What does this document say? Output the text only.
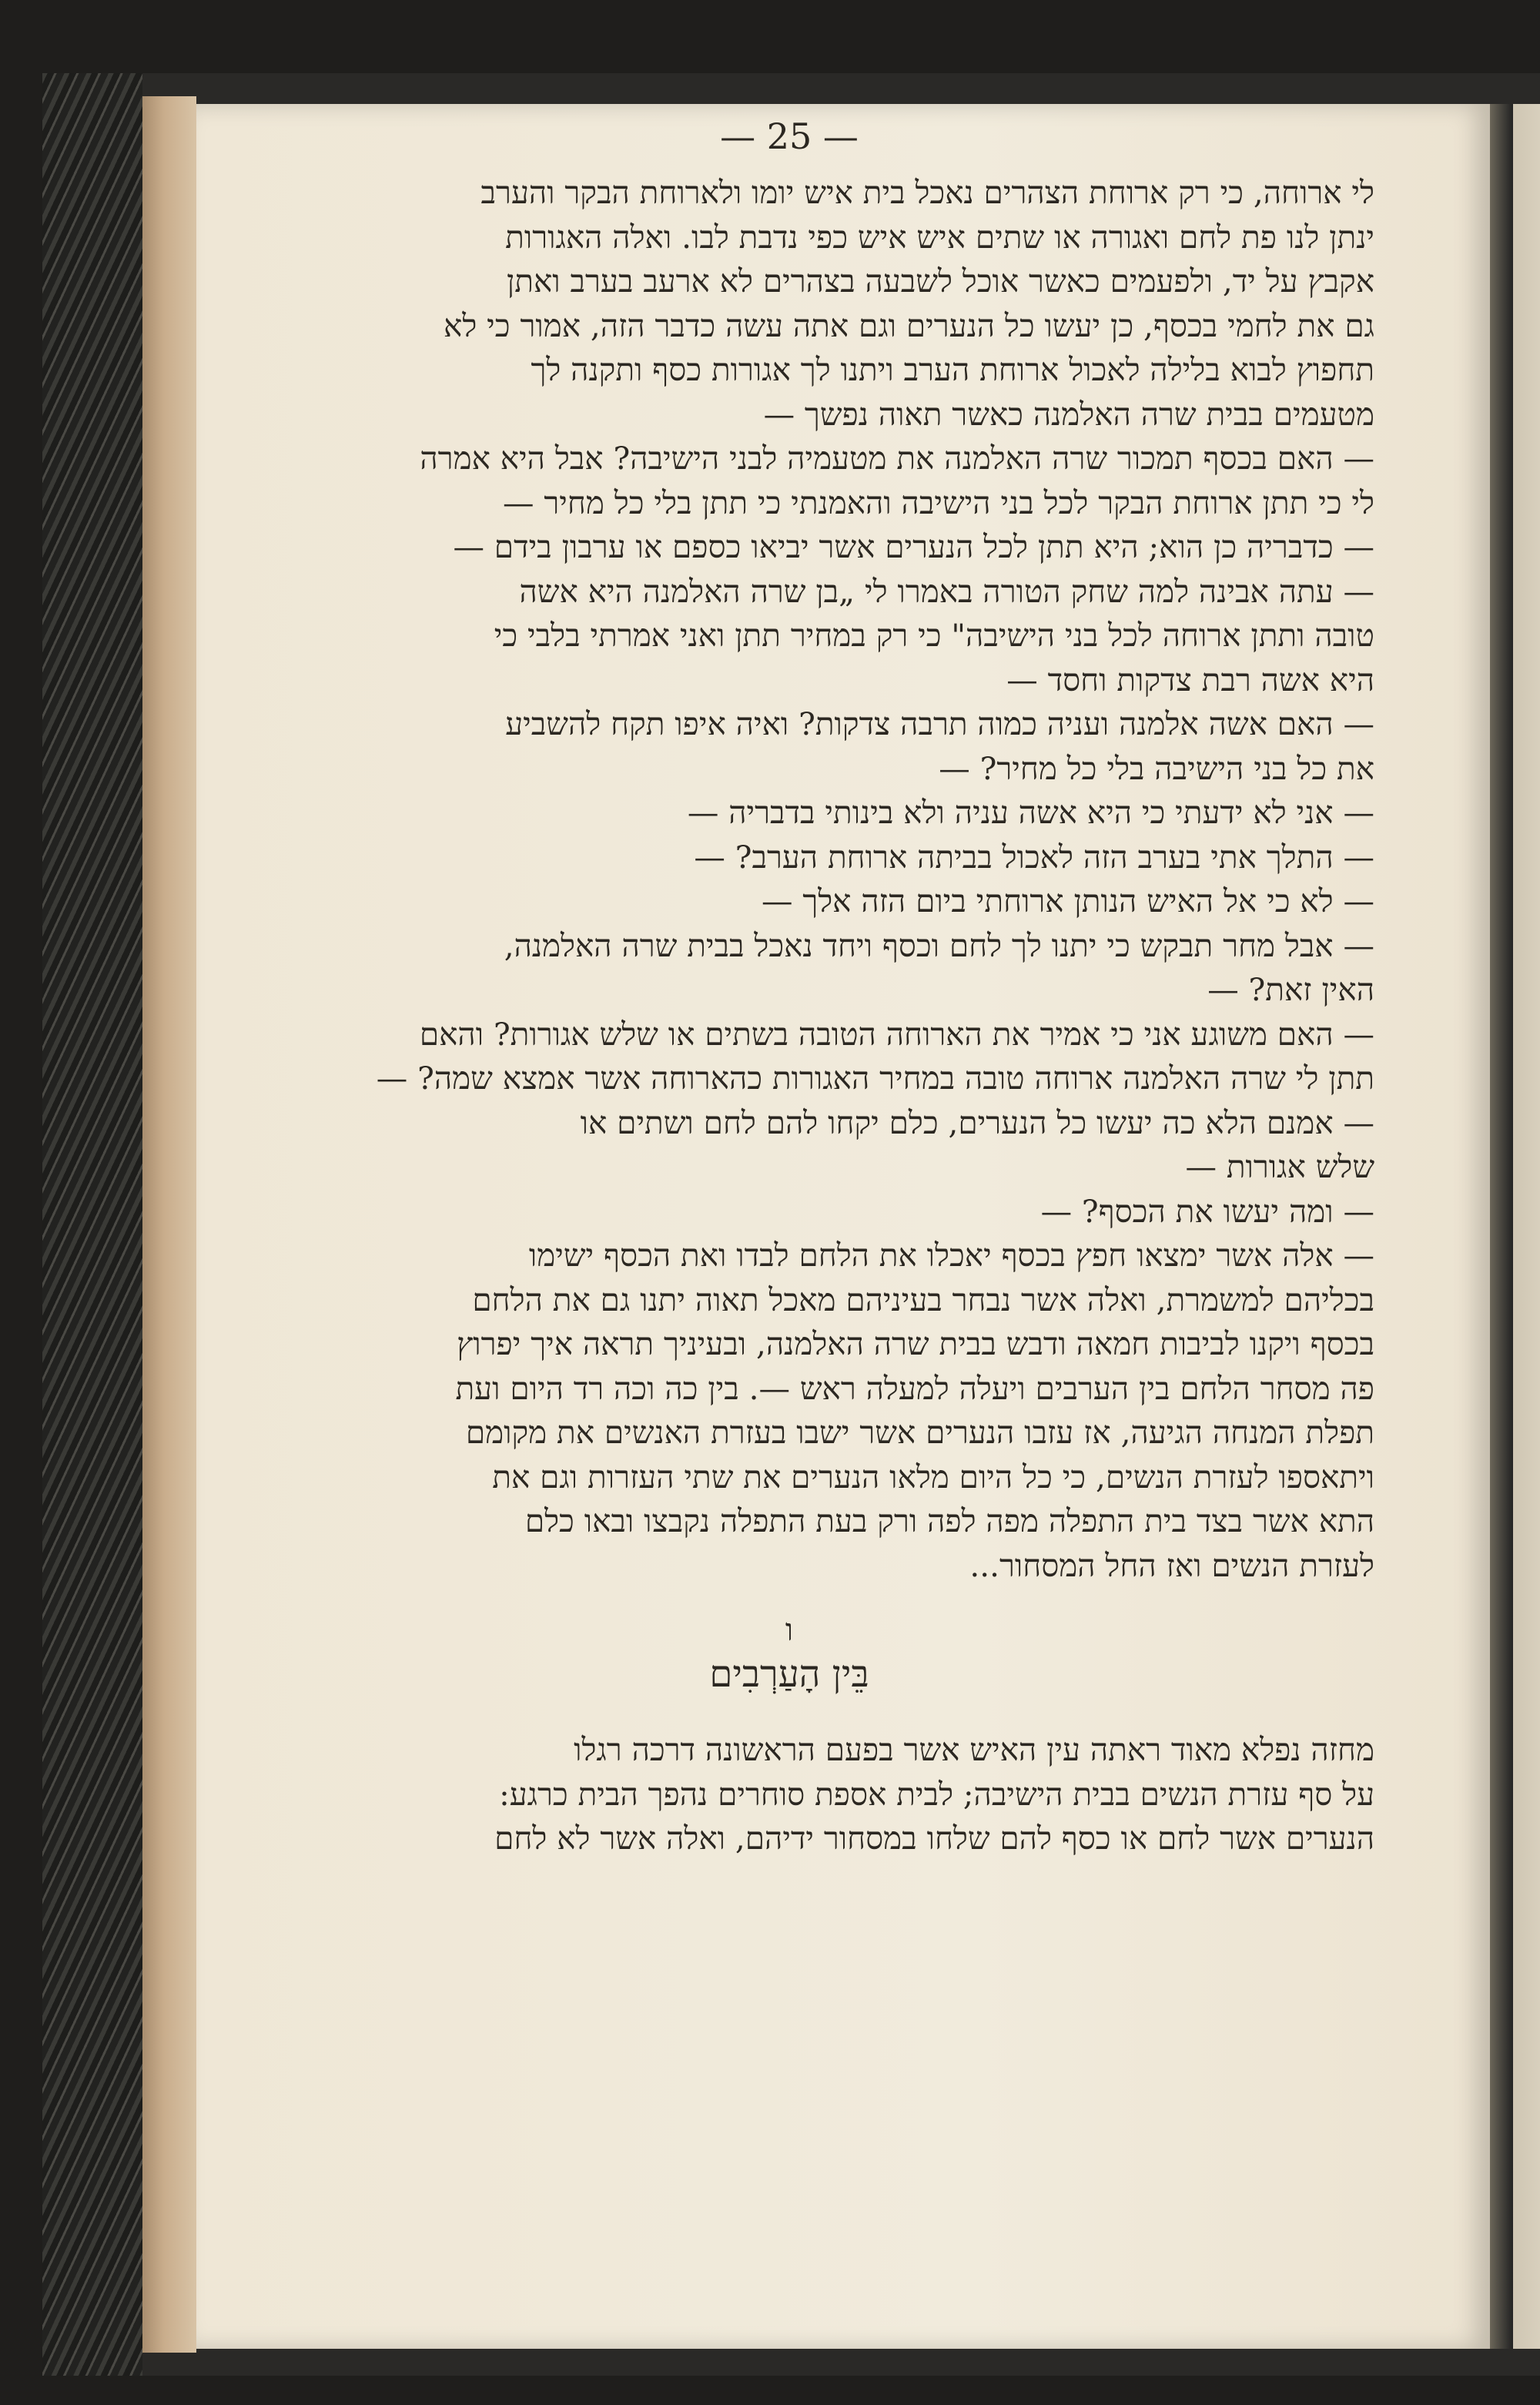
— 25 —

לי ארוחה, כי רק ארוחת הצהרים נאכל בית איש יומו ולארוחת הבקר והערב

ינתן לנו פת לחם ואגורה או שתים איש איש כפי נדבת לבו. ואלה האגורות

אקבץ על יד, ולפעמים כאשר אוכל לשבעה בצהרים לא ארעב בערב ואתן

גם את לחמי בכסף, כן יעשו כל הנערים וגם אתה עשה כדבר הזה, אמור כי לא

תחפוץ לבוא בלילה לאכול ארוחת הערב ויתנו לך אגורות כסף ותקנה לך

מטעמים בבית שרה האלמנה כאשר תאוה נפשך —

— האם בכסף תמכור שרה האלמנה את מטעמיה לבני הישיבה? אבל היא אמרה

לי כי תתן ארוחת הבקר לכל בני הישיבה והאמנתי כי תתן בלי כל מחיר —

— כדבריה כן הוא; היא תתן לכל הנערים אשר יביאו כספם או ערבון בידם —

— עתה אבינה למה שחק הטורה באמרו לי „בן שרה האלמנה היא אשה

טובה ותתן ארוחה לכל בני הישיבה" כי רק במחיר תתן ואני אמרתי בלבי כי

היא אשה רבת צדקות וחסד —

— האם אשה אלמנה ועניה כמוה תרבה צדקות? ואיה איפו תקח להשביע

את כל בני הישיבה בלי כל מחיר? —

— אני לא ידעתי כי היא אשה עניה ולא בינותי בדבריה —

— התלך אתי בערב הזה לאכול בביתה ארוחת הערב? —

— לא כי אל האיש הנותן ארוחתי ביום הזה אלך —

— אבל מחר תבקש כי יתנו לך לחם וכסף ויחד נאכל בבית שרה האלמנה,

האין זאת? —

— האם משוגע אני כי אמיר את הארוחה הטובה בשתים או שלש אגורות? והאם

תתן לי שרה האלמנה ארוחה טובה במחיר האגורות כהארוחה אשר אמצא שמה? —

— אמנם הלא כה יעשו כל הנערים, כלם יקחו להם לחם ושתים או

שלש אגורות —

— ומה יעשו את הכסף? —

— אלה אשר ימצאו חפץ בכסף יאכלו את הלחם לבדו ואת הכסף ישימו

בכליהם למשמרת, ואלה אשר נבחר בעיניהם מאכל תאוה יתנו גם את הלחם

בכסף ויקנו לביבות חמאה ודבש בבית שרה האלמנה, ובעיניך תראה איך יפרוץ

פה מסחר הלחם בין הערבים ויעלה למעלה ראש —. בין כה וכה רד היום ועת

תפלת המנחה הגיעה, אז עזבו הנערים אשר ישבו בעזרת האנשים את מקומם

ויתאספו לעזרת הנשים, כי כל היום מלאו הנערים את שתי העזרות וגם את

התא אשר בצד בית התפלה מפה לפה ורק בעת התפלה נקבצו ובאו כלם

לעזרת הנשים ואז החל המסחור...

ו
בֵּין הָעַרְבִים

מחזה נפלא מאוד ראתה עין האיש אשר בפעם הראשונה דרכה רגלו

על סף עזרת הנשים בבית הישיבה; לבית אספת סוחרים נהפך הבית כרגע:

הנערים אשר לחם או כסף להם שלחו במסחור ידיהם, ואלה אשר לא לחם
